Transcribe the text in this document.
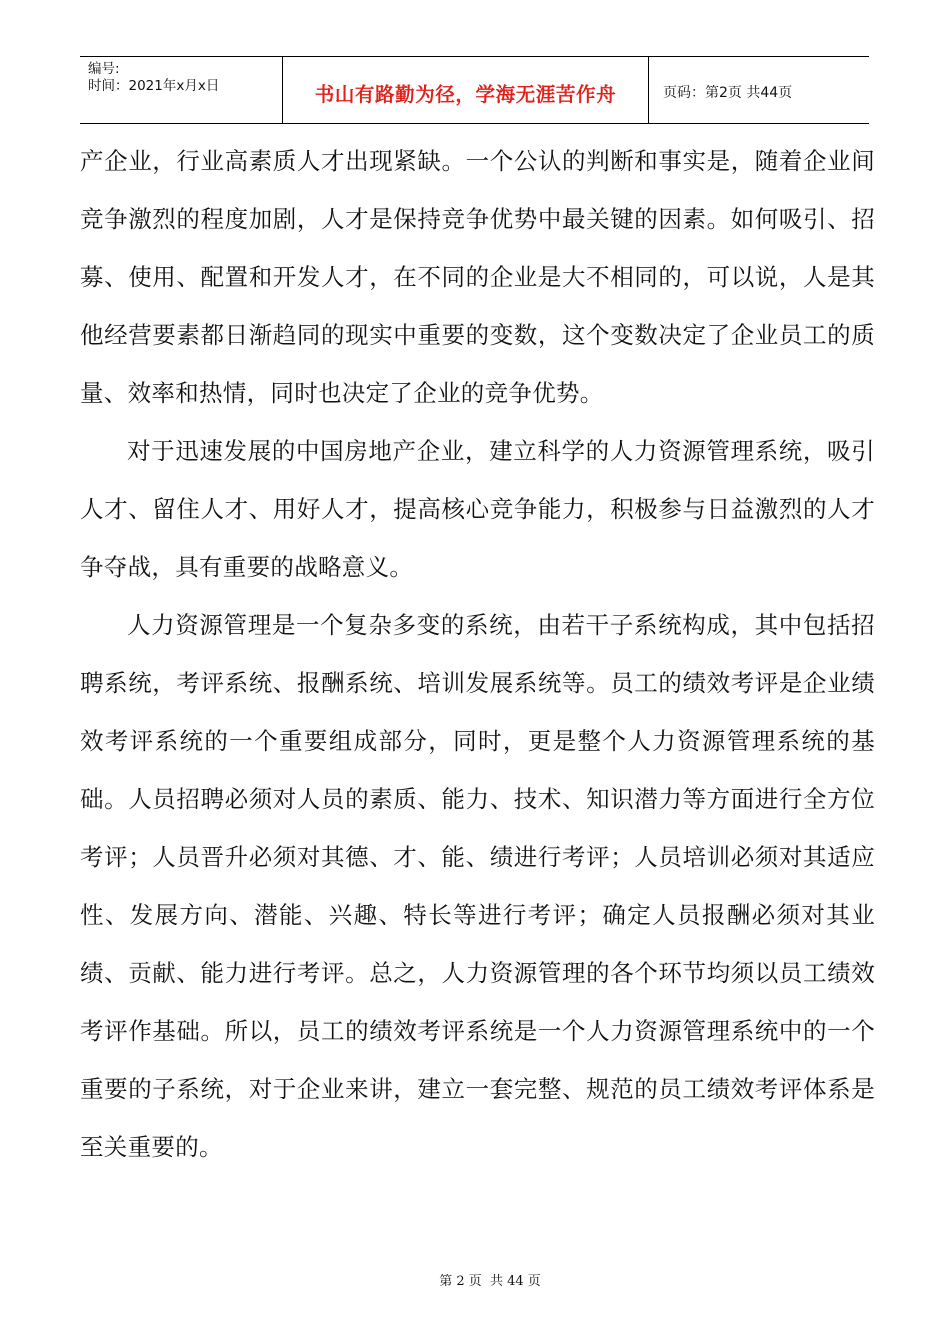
编号:
时间：2021年x月x日	书山有路勤为径，学海无涯苦作舟	页码：第2页 共44页

产企业，行业高素质人才出现紧缺。一个公认的判断和事实是，随着企业间竞争激烈的程度加剧，人才是保持竞争优势中最关键的因素。如何吸引、招募、使用、配置和开发人才，在不同的企业是大不相同的，可以说，人是其他经营要素都日渐趋同的现实中重要的变数，这个变数决定了企业员工的质量、效率和热情，同时也决定了企业的竞争优势。

对于迅速发展的中国房地产企业，建立科学的人力资源管理系统，吸引人才、留住人才、用好人才，提高核心竞争能力，积极参与日益激烈的人才争夺战，具有重要的战略意义。

人力资源管理是一个复杂多变的系统，由若干子系统构成，其中包括招聘系统，考评系统、报酬系统、培训发展系统等。员工的绩效考评是企业绩效考评系统的一个重要组成部分，同时，更是整个人力资源管理系统的基础。人员招聘必须对人员的素质、能力、技术、知识潜力等方面进行全方位考评；人员晋升必须对其德、才、能、绩进行考评；人员培训必须对其适应性、发展方向、潜能、兴趣、特长等进行考评；确定人员报酬必须对其业绩、贡献、能力进行考评。总之，人力资源管理的各个环节均须以员工绩效考评作基础。所以，员工的绩效考评系统是一个人力资源管理系统中的一个重要的子系统，对于企业来讲，建立一套完整、规范的员工绩效考评体系是至关重要的。

第 2 页  共 44 页
